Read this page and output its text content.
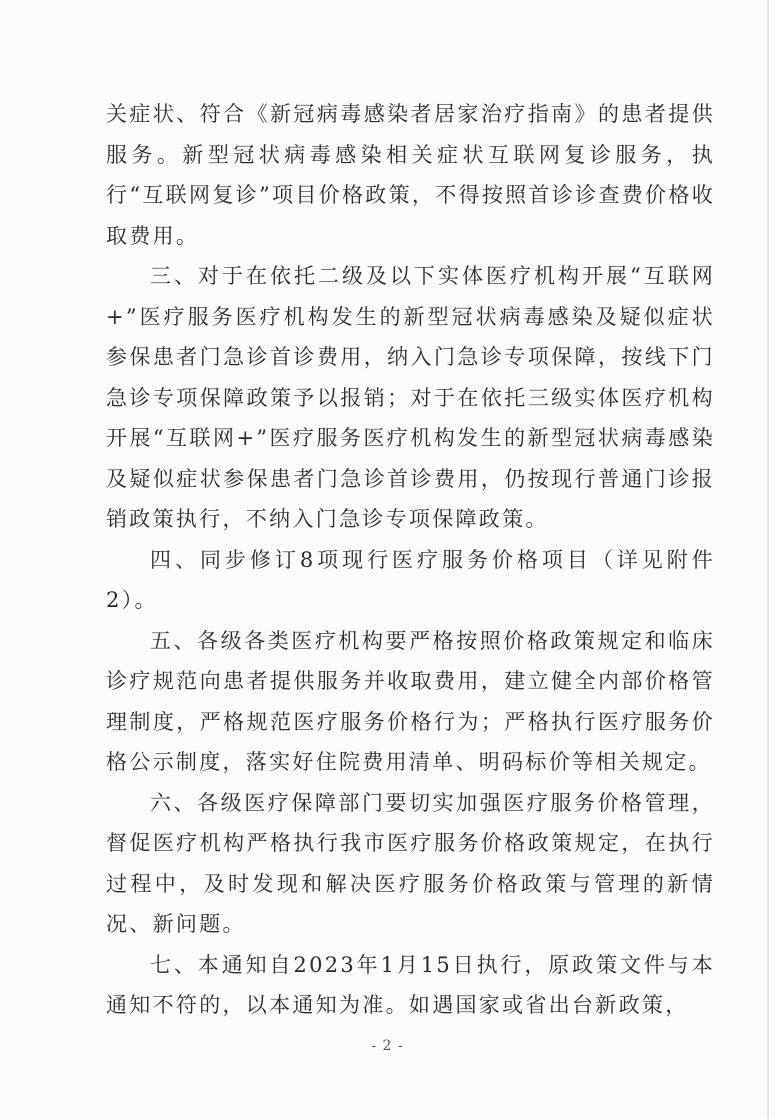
关症状、符合《新冠病毒感染者居家治疗指南》的患者提供服务。新型冠状病毒感染相关症状互联网复诊服务，执行“互联网复诊”项目价格政策，不得按照首诊诊查费价格收取费用。

三、对于在依托二级及以下实体医疗机构开展“互联网+”医疗服务医疗机构发生的新型冠状病毒感染及疑似症状参保患者门急诊首诊费用，纳入门急诊专项保障，按线下门急诊专项保障政策予以报销；对于在依托三级实体医疗机构开展“互联网+”医疗服务医疗机构发生的新型冠状病毒感染及疑似症状参保患者门急诊首诊费用，仍按现行普通门诊报销政策执行，不纳入门急诊专项保障政策。

四、同步修订8项现行医疗服务价格项目（详见附件2）。

五、各级各类医疗机构要严格按照价格政策规定和临床诊疗规范向患者提供服务并收取费用，建立健全内部价格管理制度，严格规范医疗服务价格行为；严格执行医疗服务价格公示制度，落实好住院费用清单、明码标价等相关规定。

六、各级医疗保障部门要切实加强医疗服务价格管理，督促医疗机构严格执行我市医疗服务价格政策规定，在执行过程中，及时发现和解决医疗服务价格政策与管理的新情况、新问题。

七、本通知自2023年1月15日执行，原政策文件与本通知不符的，以本通知为准。如遇国家或省出台新政策，

- 2 -
